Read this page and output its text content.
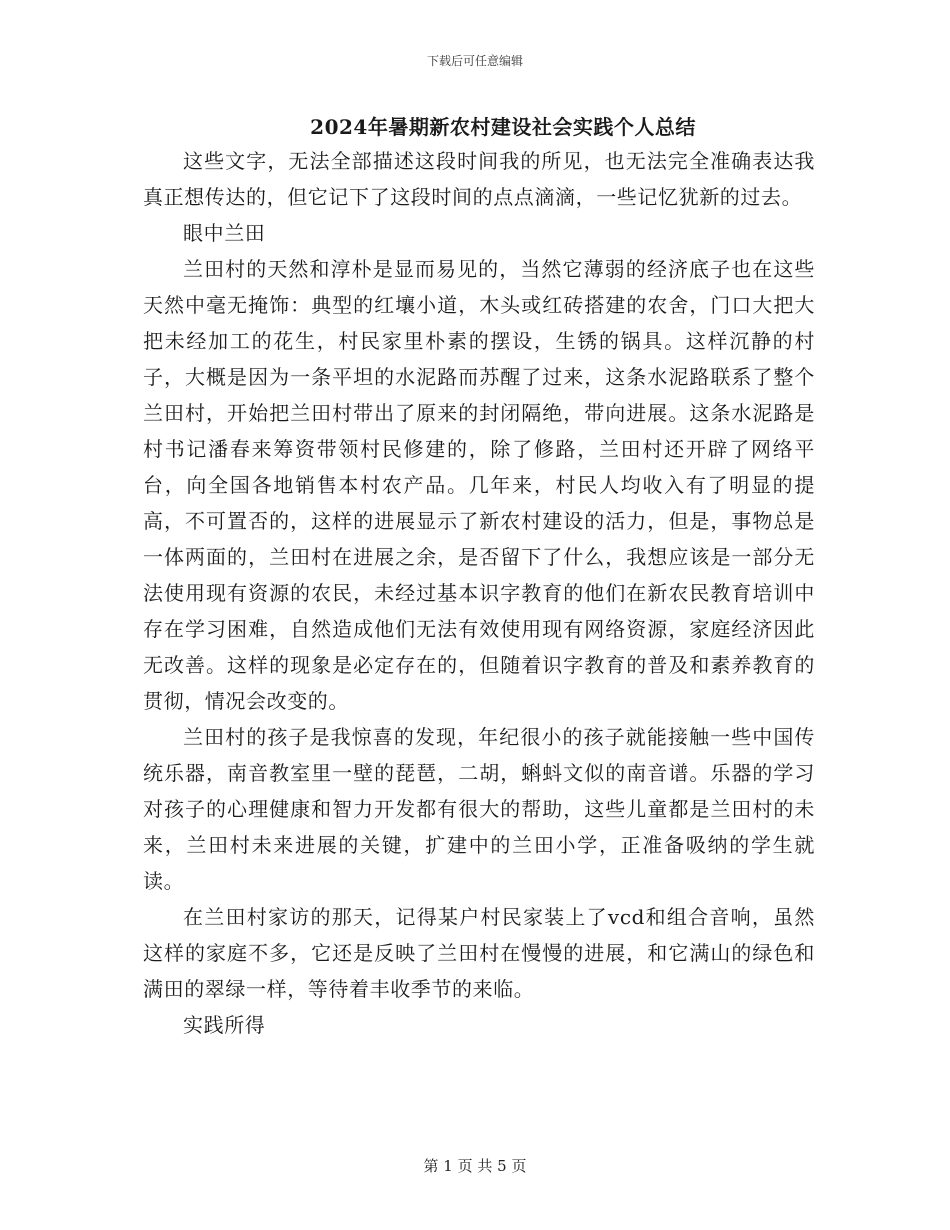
下载后可任意编辑
2024年暑期新农村建设社会实践个人总结

这些文字，无法全部描述这段时间我的所见，也无法完全准确表达我真正想传达的，但它记下了这段时间的点点滴滴，一些记忆犹新的过去。

眼中兰田

兰田村的天然和淳朴是显而易见的，当然它薄弱的经济底子也在这些天然中毫无掩饰：典型的红壤小道，木头或红砖搭建的农舍，门口大把大把未经加工的花生，村民家里朴素的摆设，生锈的锅具。这样沉静的村子，大概是因为一条平坦的水泥路而苏醒了过来，这条水泥路联系了整个兰田村，开始把兰田村带出了原来的封闭隔绝，带向进展。这条水泥路是村书记潘春来筹资带领村民修建的，除了修路，兰田村还开辟了网络平台，向全国各地销售本村农产品。几年来，村民人均收入有了明显的提高，不可置否的，这样的进展显示了新农村建设的活力，但是，事物总是一体两面的，兰田村在进展之余，是否留下了什么，我想应该是一部分无法使用现有资源的农民，未经过基本识字教育的他们在新农民教育培训中存在学习困难，自然造成他们无法有效使用现有网络资源，家庭经济因此无改善。这样的现象是必定存在的，但随着识字教育的普及和素养教育的贯彻，情况会改变的。

兰田村的孩子是我惊喜的发现，年纪很小的孩子就能接触一些中国传统乐器，南音教室里一壁的琵琶，二胡，蝌蚪文似的南音谱。乐器的学习对孩子的心理健康和智力开发都有很大的帮助，这些儿童都是兰田村的未来，兰田村未来进展的关键，扩建中的兰田小学，正准备吸纳的学生就读。

在兰田村家访的那天，记得某户村民家装上了vcd和组合音响，虽然这样的家庭不多，它还是反映了兰田村在慢慢的进展，和它满山的绿色和满田的翠绿一样，等待着丰收季节的来临。

实践所得

第 1 页 共 5 页
